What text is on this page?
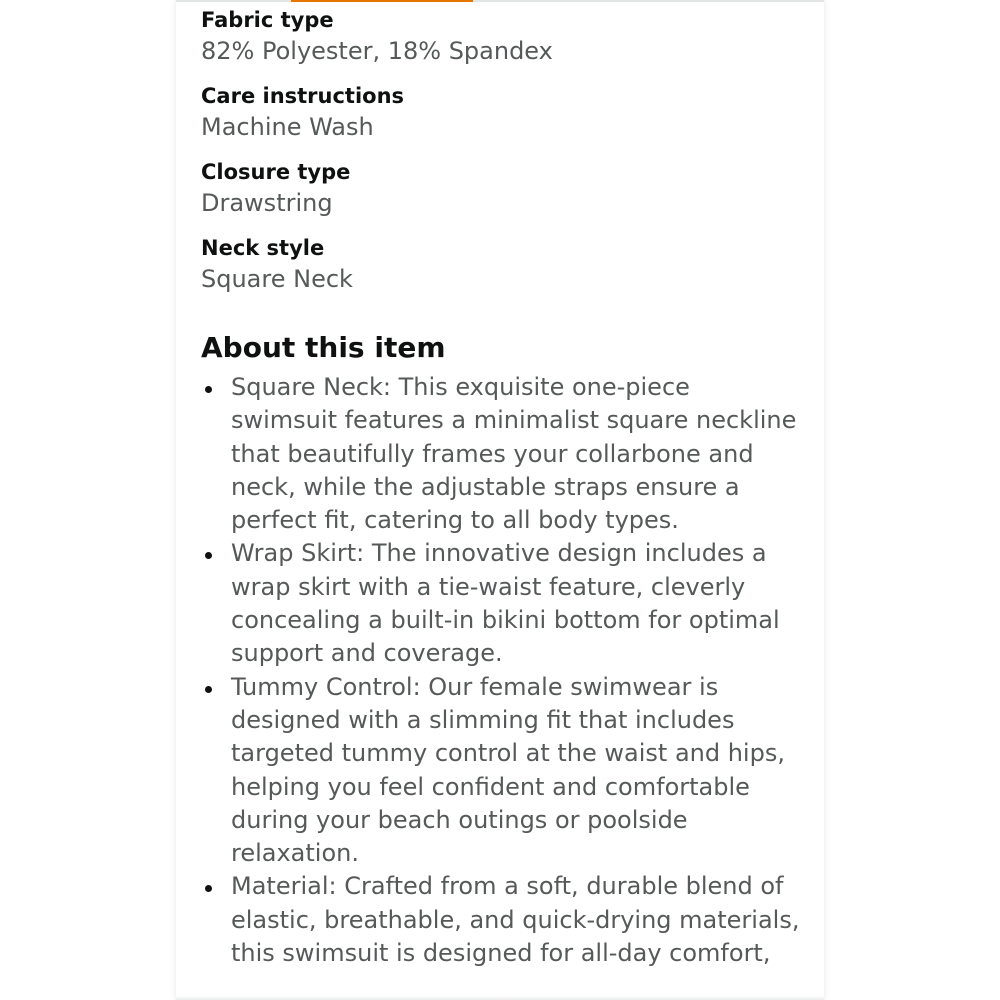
Fabric type
82% Polyester, 18% Spandex
Care instructions
Machine Wash
Closure type
Drawstring
Neck style
Square Neck
About this item
Square Neck: This exquisite one-piece swimsuit features a minimalist square neckline that beautifully frames your collarbone and neck, while the adjustable straps ensure a perfect fit, catering to all body types.
Wrap Skirt: The innovative design includes a wrap skirt with a tie-waist feature, cleverly concealing a built-in bikini bottom for optimal support and coverage.
Tummy Control: Our female swimwear is designed with a slimming fit that includes targeted tummy control at the waist and hips, helping you feel confident and comfortable during your beach outings or poolside relaxation.
Material: Crafted from a soft, durable blend of elastic, breathable, and quick-drying materials, this swimsuit is designed for all-day comfort,
